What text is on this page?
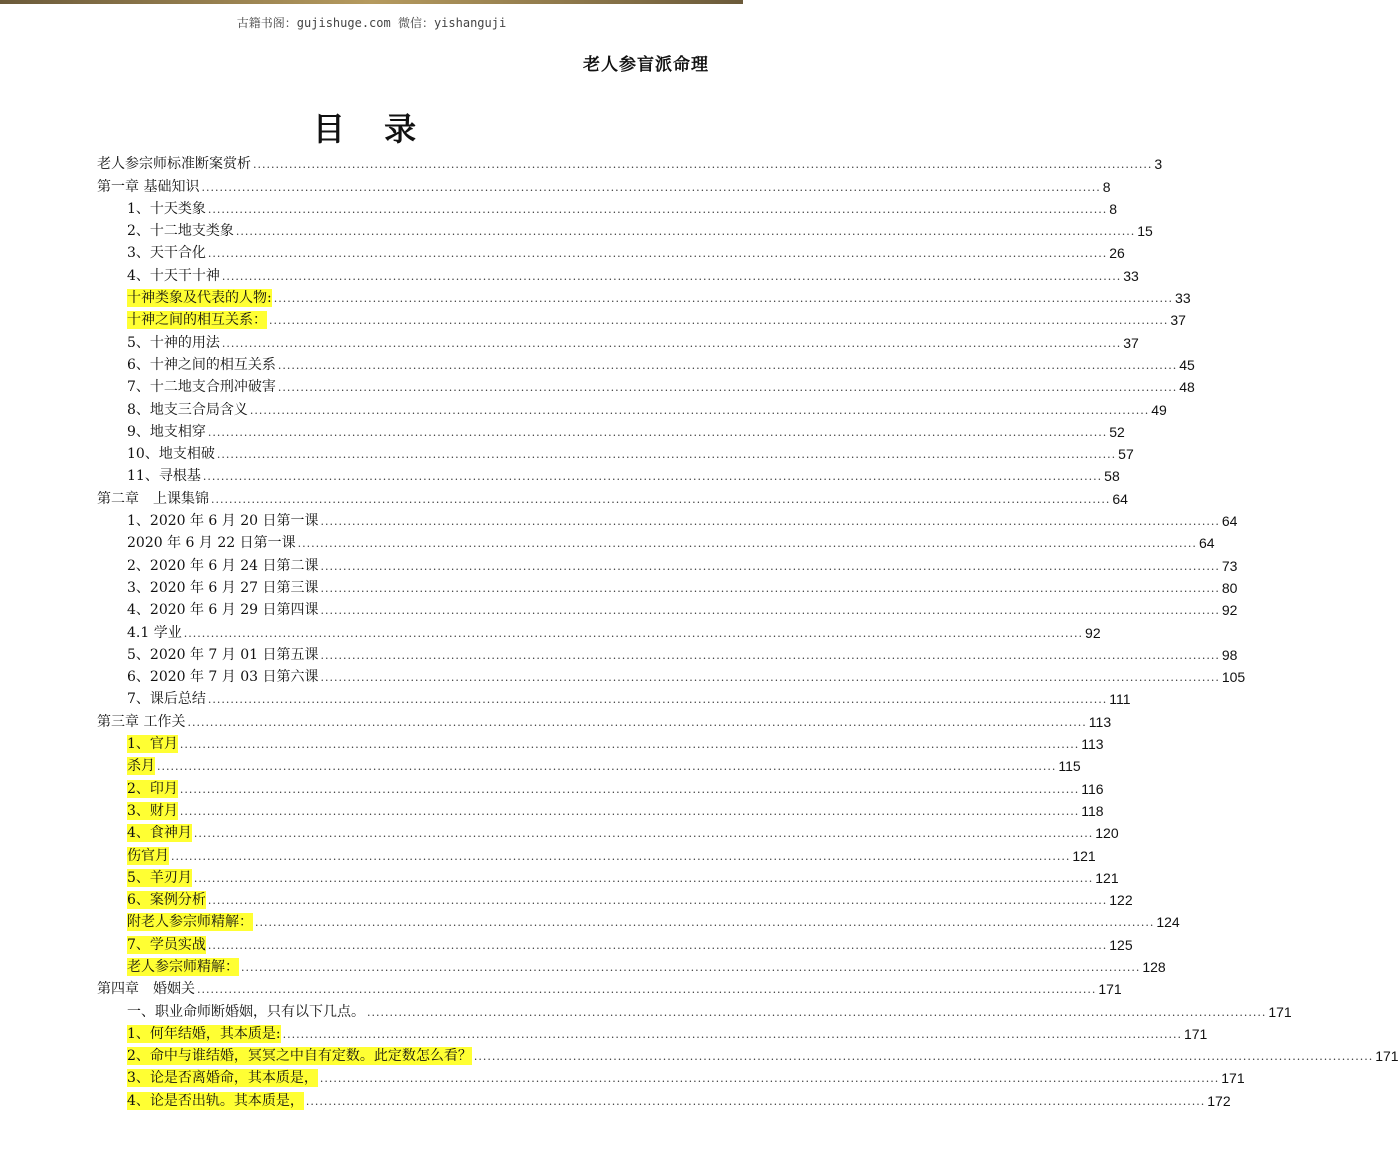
古籍书阁：gujishuge.com 微信：yishanguji
老人参盲派命理
目 录
老人参宗师标准断案赏析 ........................................................................................................................................................................................................ 3
第一章 基础知识 ........................................................................................................................................................................................................ 8
1、十天类象 ........................................................................................................................................................................................................ 8
2、十二地支类象 ........................................................................................................................................................................................................ 15
3、天干合化 ........................................................................................................................................................................................................ 26
4、十天干十神 ........................................................................................................................................................................................................ 33
十神类象及代表的人物: ........................................................................................................................................................................................................ 33
十神之间的相互关系： ........................................................................................................................................................................................................ 37
5、十神的用法 ........................................................................................................................................................................................................ 37
6、十神之间的相互关系 ........................................................................................................................................................................................................ 45
7、十二地支合刑冲破害 ........................................................................................................................................................................................................ 48
8、地支三合局含义 ........................................................................................................................................................................................................ 49
9、地支相穿 ........................................................................................................................................................................................................ 52
10、地支相破 ........................................................................................................................................................................................................ 57
11、寻根基 ........................................................................................................................................................................................................ 58
第二章　上课集锦 ........................................................................................................................................................................................................ 64
1、2020 年 6 月 20 日第一课 ........................................................................................................................................................................................................ 64
2020 年 6 月 22 日第一课 ........................................................................................................................................................................................................ 64
2、2020 年 6 月 24 日第二课 ........................................................................................................................................................................................................ 73
3、2020 年 6 月 27 日第三课 ........................................................................................................................................................................................................ 80
4、2020 年 6 月 29 日第四课 ........................................................................................................................................................................................................ 92
4.1 学业 ........................................................................................................................................................................................................ 92
5、2020 年 7 月 01 日第五课 ........................................................................................................................................................................................................ 98
6、2020 年 7 月 03 日第六课 ........................................................................................................................................................................................................ 105
7、课后总结 ........................................................................................................................................................................................................ 111
第三章 工作关 ........................................................................................................................................................................................................ 113
1、官月 ........................................................................................................................................................................................................ 113
杀月 ........................................................................................................................................................................................................ 115
2、印月 ........................................................................................................................................................................................................ 116
3、财月 ........................................................................................................................................................................................................ 118
4、食神月 ........................................................................................................................................................................................................ 120
伤官月 ........................................................................................................................................................................................................ 121
5、羊刃月 ........................................................................................................................................................................................................ 121
6、案例分析 ........................................................................................................................................................................................................ 122
附老人参宗师精解： ........................................................................................................................................................................................................ 124
7、学员实战 ........................................................................................................................................................................................................ 125
老人参宗师精解： ........................................................................................................................................................................................................ 128
第四章　婚姻关 ........................................................................................................................................................................................................ 171
一、职业命师断婚姻，只有以下几点。 ........................................................................................................................................................................................................ 171
1、何年结婚，其本质是: ........................................................................................................................................................................................................ 171
2、命中与谁结婚，冥冥之中自有定数。此定数怎么看？ ........................................................................................................................................................................................................ 171
3、论是否离婚命，其本质是， ........................................................................................................................................................................................................ 171
4、论是否出轨。其本质是， ........................................................................................................................................................................................................ 172
